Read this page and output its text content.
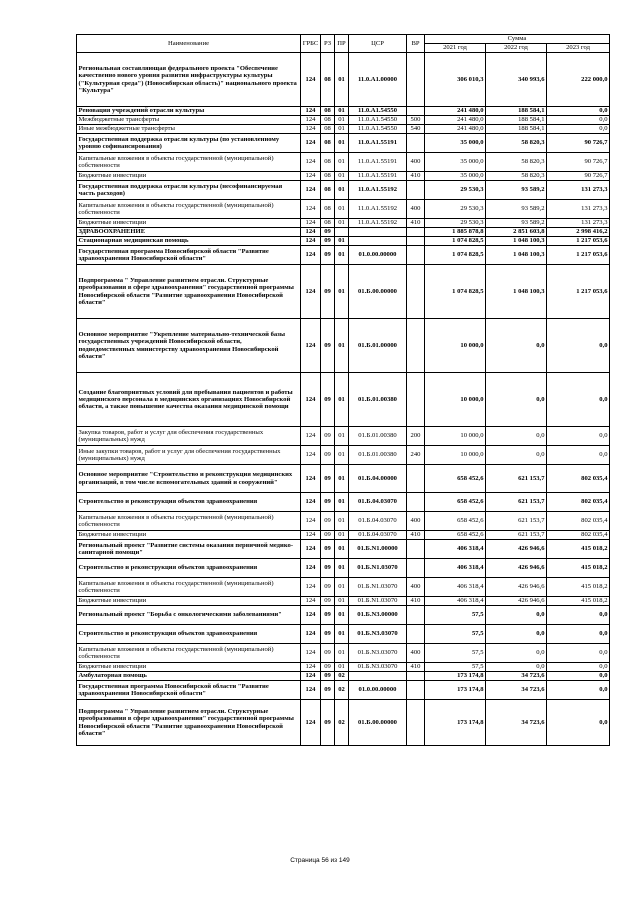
Наименование	ГРБС	РЗ	ПР	ЦСР	ВР	Сумма		
						2021 год	2022 год	2023 год
Региональная составляющая федерального проекта "Обеспечение качественно нового уровня развития инфраструктуры культуры ("Культурная среда") (Новосибирская область)" национального проекта "Культура"	124	08	01	11.0.A1.00000		306 010,3	340 993,6	222 000,0
Реновация учреждений отрасли культуры	124	08	01	11.0.A1.54550		241 480,0	188 584,1	0,0
Межбюджетные трансферты	124	08	01	11.0.A1.54550	500	241 480,0	188 584,1	0,0
Иные межбюджетные трансферты	124	08	01	11.0.A1.54550	540	241 480,0	188 584,1	0,0
Государственная поддержка отрасли культуры (по установленному уровню софинансирования)	124	08	01	11.0.A1.55191		35 000,0	58 820,3	90 726,7
Капитальные вложения в объекты государственной (муниципальной) собственности	124	08	01	11.0.A1.55191	400	35 000,0	58 820,3	90 726,7
Бюджетные инвестиции	124	08	01	11.0.A1.55191	410	35 000,0	58 820,3	90 726,7
Государственная поддержка отрасли культуры (несофинансируемая часть расходов)	124	08	01	11.0.A1.55192		29 530,3	93 589,2	131 273,3
Капитальные вложения в объекты государственной (муниципальной) собственности	124	08	01	11.0.A1.55192	400	29 530,3	93 589,2	131 273,3
Бюджетные инвестиции	124	08	01	11.0.A1.55192	410	29 530,3	93 589,2	131 273,3
ЗДРАВООХРАНЕНИЕ	124	09				1 885 878,8	2 851 603,8	2 998 416,2
Стационарная медицинская помощь	124	09	01			1 074 828,5	1 048 100,3	1 217 053,6
Государственная программа Новосибирской области "Развитие здравоохранения Новосибирской области"	124	09	01	01.0.00.00000		1 074 828,5	1 048 100,3	1 217 053,6
Подпрограмма " Управление развитием отрасли. Структурные преобразования в сфере здравоохранения" государственной программы Новосибирской области "Развитие здравоохранения Новосибирской области"	124	09	01	01.Б.00.00000		1 074 828,5	1 048 100,3	1 217 053,6
Основное мероприятие "Укрепление материально-технической базы государственных учреждений Новосибирской области, подведомственных министерству здравоохранения Новосибирской области"	124	09	01	01.Б.01.00000		10 000,0	0,0	0,0
Создание благоприятных условий для пребывания пациентов и работы медицинского персонала в медицинских организациях Новосибирской области, а также повышение качества оказания медицинской помощи	124	09	01	01.Б.01.00380		10 000,0	0,0	0,0
Закупка товаров, работ и услуг для обеспечения государственных (муниципальных) нужд	124	09	01	01.Б.01.00380	200	10 000,0	0,0	0,0
Иные закупки товаров, работ и услуг для обеспечения государственных (муниципальных) нужд	124	09	01	01.Б.01.00380	240	10 000,0	0,0	0,0
Основное мероприятие "Строительство и реконструкция медицинских организаций, в том числе вспомогательных зданий и сооружений"	124	09	01	01.Б.04.00000		658 452,6	621 153,7	802 035,4
Строительство и реконструкция объектов здравоохранения	124	09	01	01.Б.04.03070		658 452,6	621 153,7	802 035,4
Капитальные вложения в объекты государственной (муниципальной) собственности	124	09	01	01.Б.04.03070	400	658 452,6	621 153,7	802 035,4
Бюджетные инвестиции	124	09	01	01.Б.04.03070	410	658 452,6	621 153,7	802 035,4
Региональный проект "Развитие системы оказания первичной медико-санитарной помощи"	124	09	01	01.Б.N1.00000		406 318,4	426 946,6	415 018,2
Строительство и реконструкция объектов здравоохранения	124	09	01	01.Б.N1.03070		406 318,4	426 946,6	415 018,2
Капитальные вложения в объекты государственной (муниципальной) собственности	124	09	01	01.Б.N1.03070	400	406 318,4	426 946,6	415 018,2
Бюджетные инвестиции	124	09	01	01.Б.N1.03070	410	406 318,4	426 946,6	415 018,2
Региональный проект "Борьба с онкологическими заболеваниями"	124	09	01	01.Б.N3.00000		57,5	0,0	0,0
Строительство и реконструкция объектов здравоохранения	124	09	01	01.Б.N3.03070		57,5	0,0	0,0
Капитальные вложения в объекты государственной (муниципальной) собственности	124	09	01	01.Б.N3.03070	400	57,5	0,0	0,0
Бюджетные инвестиции	124	09	01	01.Б.N3.03070	410	57,5	0,0	0,0
Амбулаторная помощь	124	09	02			173 174,8	34 723,6	0,0
Государственная программа Новосибирской области "Развитие здравоохранения Новосибирской области"	124	09	02	01.0.00.00000		173 174,8	34 723,6	0,0
Подпрограмма " Управление развитием отрасли. Структурные преобразования в сфере здравоохранения" государственной программы Новосибирской области "Развитие здравоохранения Новосибирской области"	124	09	02	01.Б.00.00000		173 174,8	34 723,6	0,0
Страница 56 из 149
